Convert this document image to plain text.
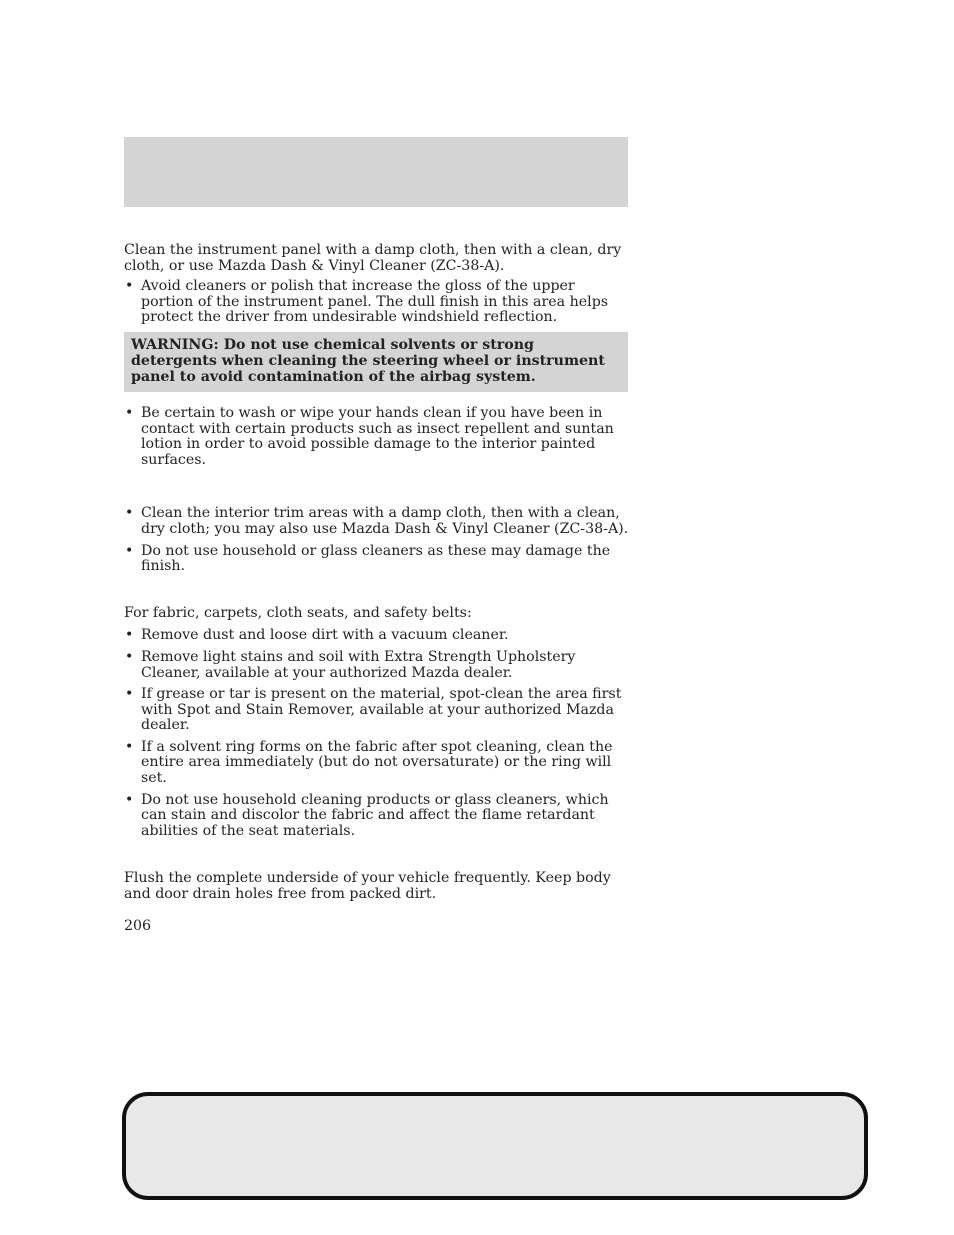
Clean the instrument panel with a damp cloth, then with a clean, dry cloth, or use Mazda Dash & Vinyl Cleaner (ZC-38-A).

• Avoid cleaners or polish that increase the gloss of the upper portion of the instrument panel. The dull finish in this area helps protect the driver from undesirable windshield reflection.
WARNING: Do not use chemical solvents or strong detergents when cleaning the steering wheel or instrument panel to avoid contamination of the airbag system.
• Be certain to wash or wipe your hands clean if you have been in contact with certain products such as insect repellent and suntan lotion in order to avoid possible damage to the interior painted surfaces.
• Clean the interior trim areas with a damp cloth, then with a clean, dry cloth; you may also use Mazda Dash & Vinyl Cleaner (ZC-38-A).
• Do not use household or glass cleaners as these may damage the finish.

For fabric, carpets, cloth seats, and safety belts:

• Remove dust and loose dirt with a vacuum cleaner.
• Remove light stains and soil with Extra Strength Upholstery Cleaner, available at your authorized Mazda dealer.
• If grease or tar is present on the material, spot-clean the area first with Spot and Stain Remover, available at your authorized Mazda dealer.
• If a solvent ring forms on the fabric after spot cleaning, clean the entire area immediately (but do not oversaturate) or the ring will set.
• Do not use household cleaning products or glass cleaners, which can stain and discolor the fabric and affect the flame retardant abilities of the seat materials.

Flush the complete underside of your vehicle frequently. Keep body and door drain holes free from packed dirt.

206
